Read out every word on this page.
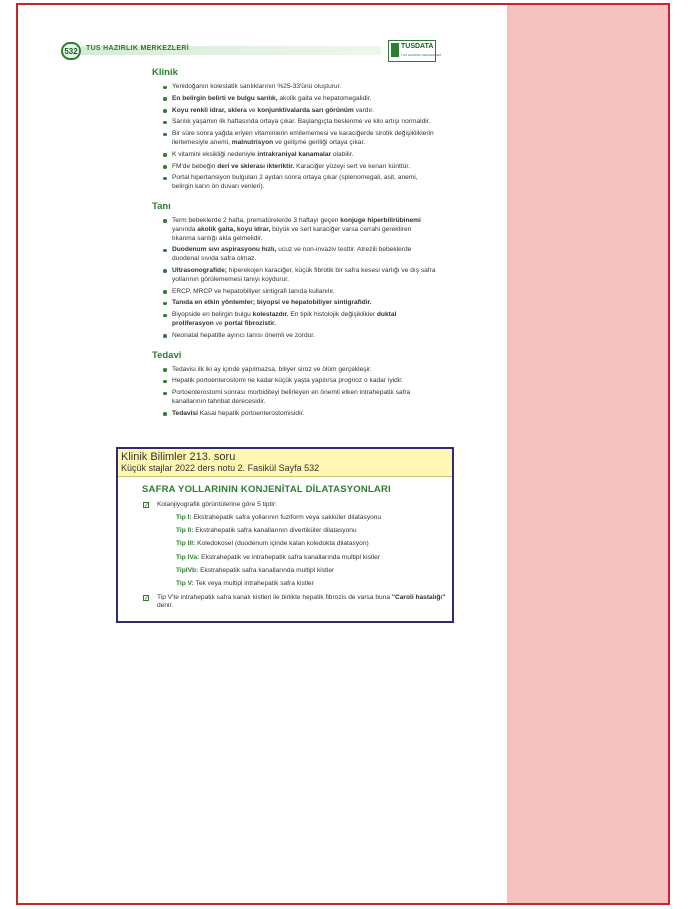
532	TUS HAZIRLIK MERKEZLERİ	TUSDATA
TUS HAZIRLIK MERKEZLERİ
Klinik
Yenidoğanın kolestatik sarılıklarının %25-33'ünü oluşturur.
En belirgin belirti ve bulgu sarılık, akolik gaita ve hepatomegalidir.
Koyu renkli idrar, sklera ve konjunktivalarda sarı görünüm vardır.
Sarılık yaşamın ilk haftasında ortaya çıkar. Başlangıçta beslenme ve kilo artışı normaldir.
Bir süre sonra yağda eriyen vitaminlerin emilememesi ve karaciğerde sirotik değişikliklerin ilerlemesiyle anemi, malnutrisyon ve gelişme geriliği ortaya çıkar.
K vitamini eksikliği nedeniyle intrakraniyal kanamalar olabilir.
FM'de bebeğin deri ve skleras​ı ikteriktir. Karaciğer yüzeyi sert ve kenarı künttür.
Portal hipertansiyon bulguları 2 aydan sonra ortaya çıkar (splenomegali, asit, anemi, belirgin karın ön duvarı venleri).
Tanı
Term bebeklerde 2 hafta, prematürelerde 3 haftayı geçen konjuge hiperbilirübinemi yanında akolik gaita, koyu idrar, büyük ve sert karaciğer varsa cerrahi gerektiren tıkanma sarılığı akla gelmelidir.
Duodenum sıvı aspirasyonu hızlı, ucuz ve non-invaziv testtir. Atrezili bebeklerde duodenal sıvıda safra olmaz.
Ultrasonografide; hiperekojen karaciğer, küçük fibrotik bir safra kesesi varlığı ve dış safra yollarının görülememesi tanıyı koydurur.
ERCP, MRCP ve hepatobiliyer sintigrafi tanıda kullanılır.
Tanıda en etkin yöntemler; biyopsi ve hepatobiliyer sintigrafidir.
Biyopside en belirgin bulgu kolestazdır. En tipik histolojik değişiklikler duktal proliferasyon ve portal fibrozistir.
Neonatal hepatitle ayırıcı tanısı önemli ve zordur.
Tedavi
Tedavisi ilk iki ay içinde yapılmazsa, biliyer siroz ve ölüm gerçekleşir.
Hepatik portoenterostomi ne kadar küçük yaşta yapılırsa prognoz o kadar iyidir.
Portoenterostomi sonrası morbiditeyi belirleyen en önemli etken intrahepatik safra kanallarının tahribat derecesidir.
Tedavisi Kasai hepatik portoenterostomisidir.
Klinik Bilimler 213. soru
Küçük stajlar 2022 ders notu 2. Fasikül Sayfa 532
SAFRA YOLLARININ KONJENİTAL DİLATASYONLARI
✓ Kolanjiyografik görüntülerine göre 5 tiptir:
Tip I: Ekstrahepatik safra yollarının fuziform veya sakküler dilatasyonu
Tip II: Ekstrahepatik safra kanallarının divertiküler dilatasyonu
Tip III: Koledokosel (duodenum içinde kalan koledokta dilatasyon)
Tip IVa: Ekstrahepatik ve intrahepatik safra kanallarında multipl kistler
TipIVb: Ekstrahepatik safra kanallarında multipl kistler
Tip V: Tek veya multipl intrahepatik safra kistler
✓ Tip V'te intrahepatik safra kanalı kistleri ile birlikte hepatik fibrozis de varsa buna "Caroli hastalığı" denir.
